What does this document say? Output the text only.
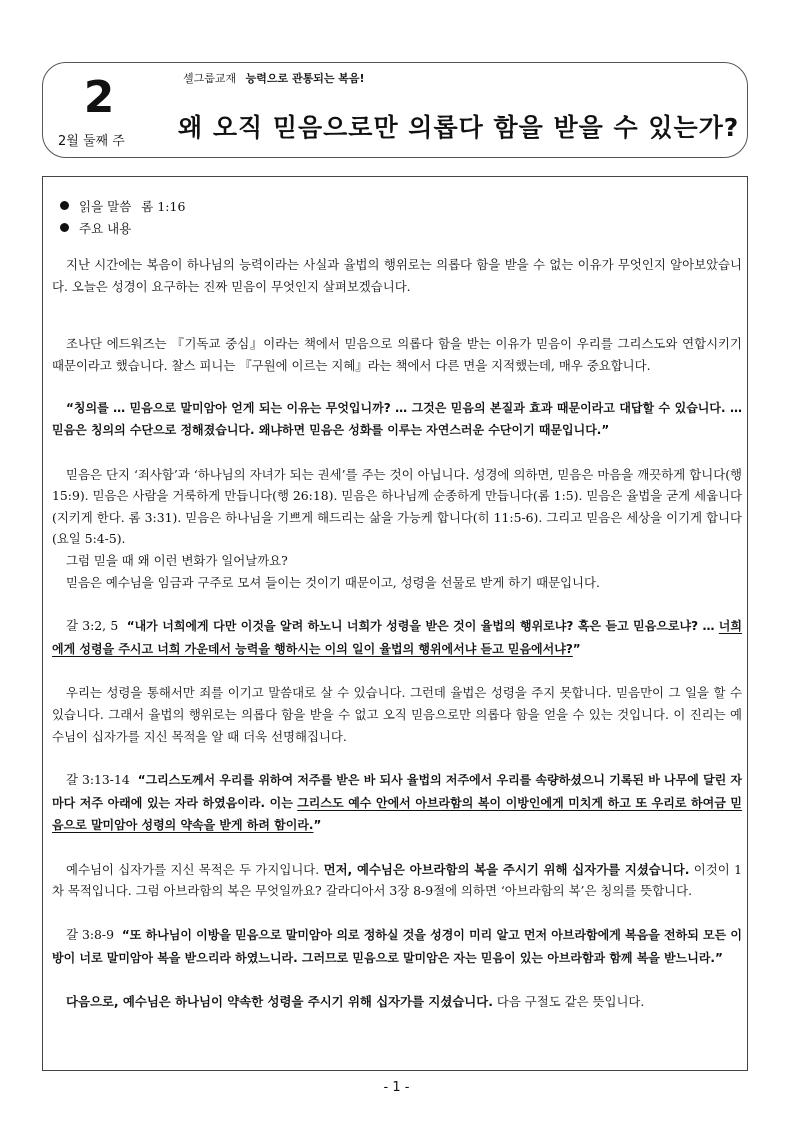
2
2월 둘째 주
셀그룹교재 능력으로 관통되는 복음!
왜 오직 믿음으로만 의롭다 함을 받을 수 있는가?
읽을 말씀 롬 1:16
주요 내용

지난 시간에는 복음이 하나님의 능력이라는 사실과 율법의 행위로는 의롭다 함을 받을 수 없는 이유가 무엇인지 알아보았습니다. 오늘은 성경이 요구하는 진짜 믿음이 무엇인지 살펴보겠습니다.

조나단 에드워즈는 『기독교 중심』이라는 책에서 믿음으로 의롭다 함을 받는 이유가 믿음이 우리를 그리스도와 연합시키기 때문이라고 했습니다. 찰스 피니는 『구원에 이르는 지혜』라는 책에서 다른 면을 지적했는데, 매우 중요합니다.

“칭의를 … 믿음으로 말미암아 얻게 되는 이유는 무엇입니까? … 그것은 믿음의 본질과 효과 때문이라고 대답할 수 있습니다. …믿음은 칭의의 수단으로 정해졌습니다. 왜냐하면 믿음은 성화를 이루는 자연스러운 수단이기 때문입니다.”

믿음은 단지 ‘죄사함’과 ‘하나님의 자녀가 되는 권세’를 주는 것이 아닙니다. 성경에 의하면, 믿음은 마음을 깨끗하게 합니다(행 15:9). 믿음은 사람을 거룩하게 만듭니다(행 26:18). 믿음은 하나님께 순종하게 만듭니다(롬 1:5). 믿음은 율법을 굳게 세웁니다(지키게 한다. 롬 3:31). 믿음은 하나님을 기쁘게 해드리는 삶을 가능케 합니다(히 11:5-6). 그리고 믿음은 세상을 이기게 합니다(요일 5:4-5).

그럼 믿을 때 왜 이런 변화가 일어날까요?

믿음은 예수님을 임금과 구주로 모셔 들이는 것이기 때문이고, 성령을 선물로 받게 하기 때문입니다.

갈 3:2, 5 “내가 너희에게 다만 이것을 알려 하노니 너희가 성령을 받은 것이 율법의 행위로냐? 혹은 듣고 믿음으로냐? … 너희에게 성령을 주시고 너희 가운데서 능력을 행하시는 이의 일이 율법의 행위에서냐 듣고 믿음에서냐?”

우리는 성령을 통해서만 죄를 이기고 말씀대로 살 수 있습니다. 그런데 율법은 성령을 주지 못합니다. 믿음만이 그 일을 할 수 있습니다. 그래서 율법의 행위로는 의롭다 함을 받을 수 없고 오직 믿음으로만 의롭다 함을 얻을 수 있는 것입니다. 이 진리는 예수님이 십자가를 지신 목적을 알 때 더욱 선명해집니다.

갈 3:13-14 “그리스도께서 우리를 위하여 저주를 받은 바 되사 율법의 저주에서 우리를 속량하셨으니 기록된 바 나무에 달린 자마다 저주 아래에 있는 자라 하였음이라. 이는 그리스도 예수 안에서 아브라함의 복이 이방인에게 미치게 하고 또 우리로 하여금 믿음으로 말미암아 성령의 약속을 받게 하려 함이라.”

예수님이 십자가를 지신 목적은 두 가지입니다. 먼저, 예수님은 아브라함의 복을 주시기 위해 십자가를 지셨습니다. 이것이 1차 목적입니다. 그럼 아브라함의 복은 무엇일까요? 갈라디아서 3장 8-9절에 의하면 ‘아브라함의 복’은 칭의를 뜻합니다.

갈 3:8-9 “또 하나님이 이방을 믿음으로 말미암아 의로 정하실 것을 성경이 미리 알고 먼저 아브라함에게 복음을 전하되 모든 이방이 너로 말미암아 복을 받으리라 하였느니라. 그러므로 믿음으로 말미암은 자는 믿음이 있는 아브라함과 함께 복을 받느니라.”

다음으로, 예수님은 하나님이 약속한 성령을 주시기 위해 십자가를 지셨습니다. 다음 구절도 같은 뜻입니다.

- 1 -
